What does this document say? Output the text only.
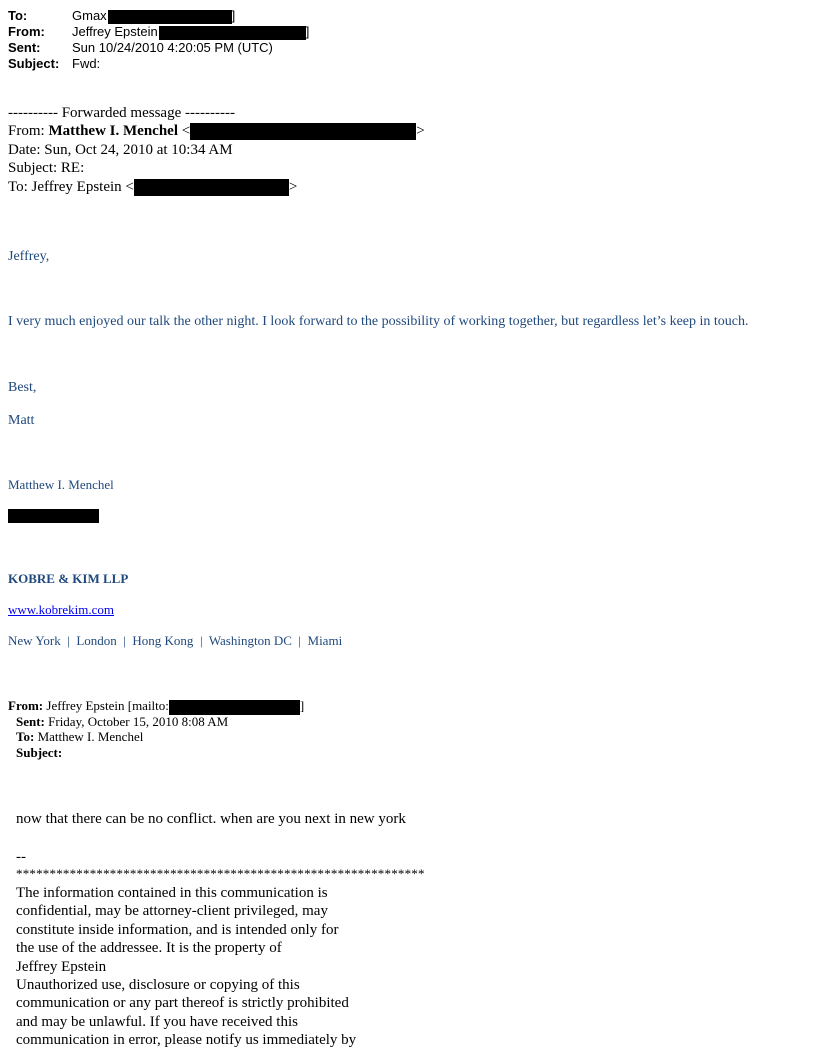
To:	Gmax	]
From: Jeffrey Epstein	]
Sent: Sun 10/24/2010 4:20:05 PM (UTC)
Subject: Fwd:
---------- Forwarded message ----------
From: Matthew I. Menchel <	>
Date: Sun, Oct 24, 2010 at 10:34 AM
Subject: RE:
To: Jeffrey Epstein <	>
Jeffrey,
I very much enjoyed our talk the other night. I look forward to the possibility of working together, but regardless let’s keep in touch.
Best,
Matt
Matthew I. Menchel
KOBRE & KIM LLP
www.kobrekim.com
New York | London | Hong Kong | Washington DC | Miami
From: Jeffrey Epstein [mailto:	]
Sent: Friday, October 15, 2010 8:08 AM
To: Matthew I. Menchel
Subject:
now that there can be no conflict. when are you next in new york
--
*************************************************************
The information contained in this communication is
confidential, may be attorney-client privileged, may
constitute inside information, and is intended only for
the use of the addressee. It is the property of
Jeffrey Epstein
Unauthorized use, disclosure or copying of this
communication or any part thereof is strictly prohibited
and may be unlawful. If you have received this
communication in error, please notify us immediately by
